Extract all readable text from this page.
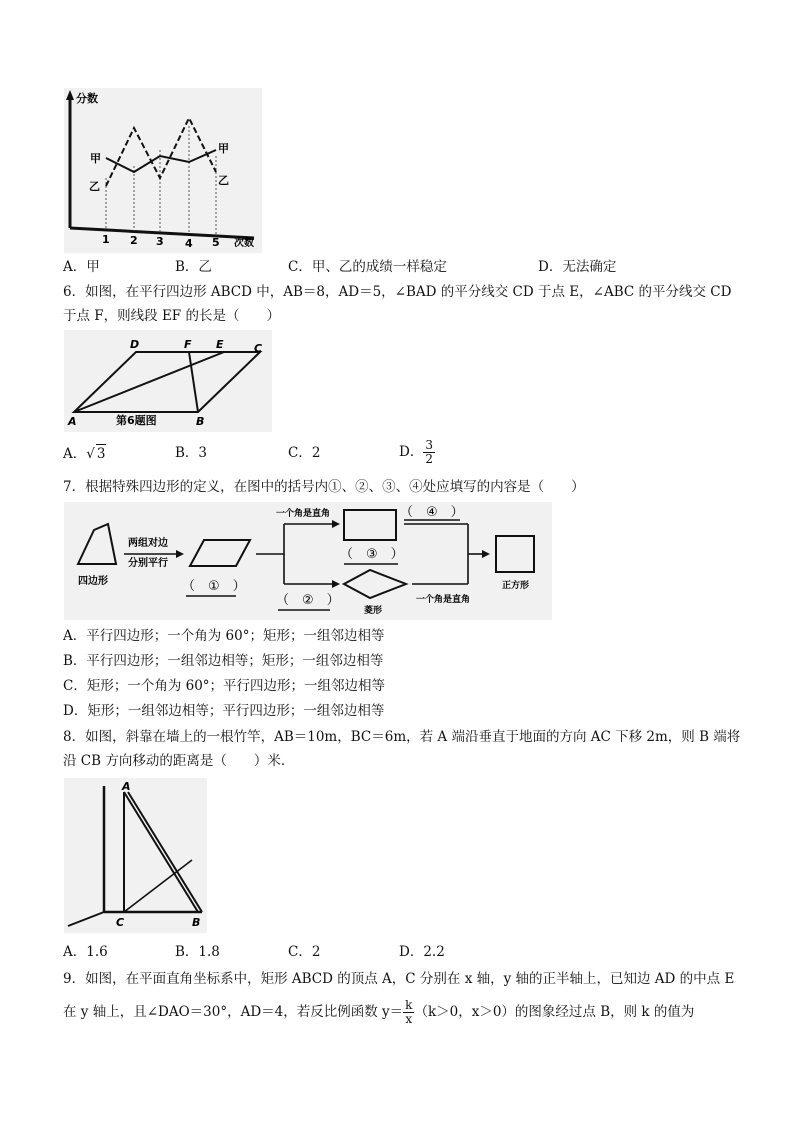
分数
次数
甲
乙
甲
乙
1 2 3 4 5
A．甲	B．乙	C．甲、乙的成绩一样稳定	D．无法确定
6．如图，在平行四边形 ABCD 中，AB＝8，AD＝5，∠BAD 的平分线交 CD 于点 E，∠ABC 的平分线交 CD
于点 F，则线段 EF 的长是（　　）
D	F E	C
A	B
第6题图
A．√ 3	B．3	C．2	D． $\frac{3}{2}$
7．根据特殊四边形的定义，在图中的括号内①、②、③、④处应填写的内容是（　　）
四边形
两组对边
分别平行
（　①　）
一个角是直角
（　②　）
（　③　）
菱形
（　④　）
一个角是直角
正方形
A．平行四边形；一个角为 60°；矩形；一组邻边相等
B．平行四边形；一组邻边相等；矩形；一组邻边相等
C．矩形；一个角为 60°；平行四边形；一组邻边相等
D．矩形；一组邻边相等；平行四边形；一组邻边相等
8．如图，斜靠在墙上的一根竹竿，AB＝10m，BC＝6m，若 A 端沿垂直于地面的方向 AC 下移 2m，则 B 端将
沿 CB 方向移动的距离是（　　）米．
A
C	B
A．1.6	B．1.8	C．2	D．2.2
9．如图，在平面直角坐标系中，矩形 ABCD 的顶点 A，C 分别在 x 轴，y 轴的正半轴上，已知边 AD 的中点 E
在 y 轴上，且∠DAO＝30°，AD＝4，若反比例函数 $y= \frac{k}{x} (k>0$，x＞0）的图象经过点 B，则 k 的值为
